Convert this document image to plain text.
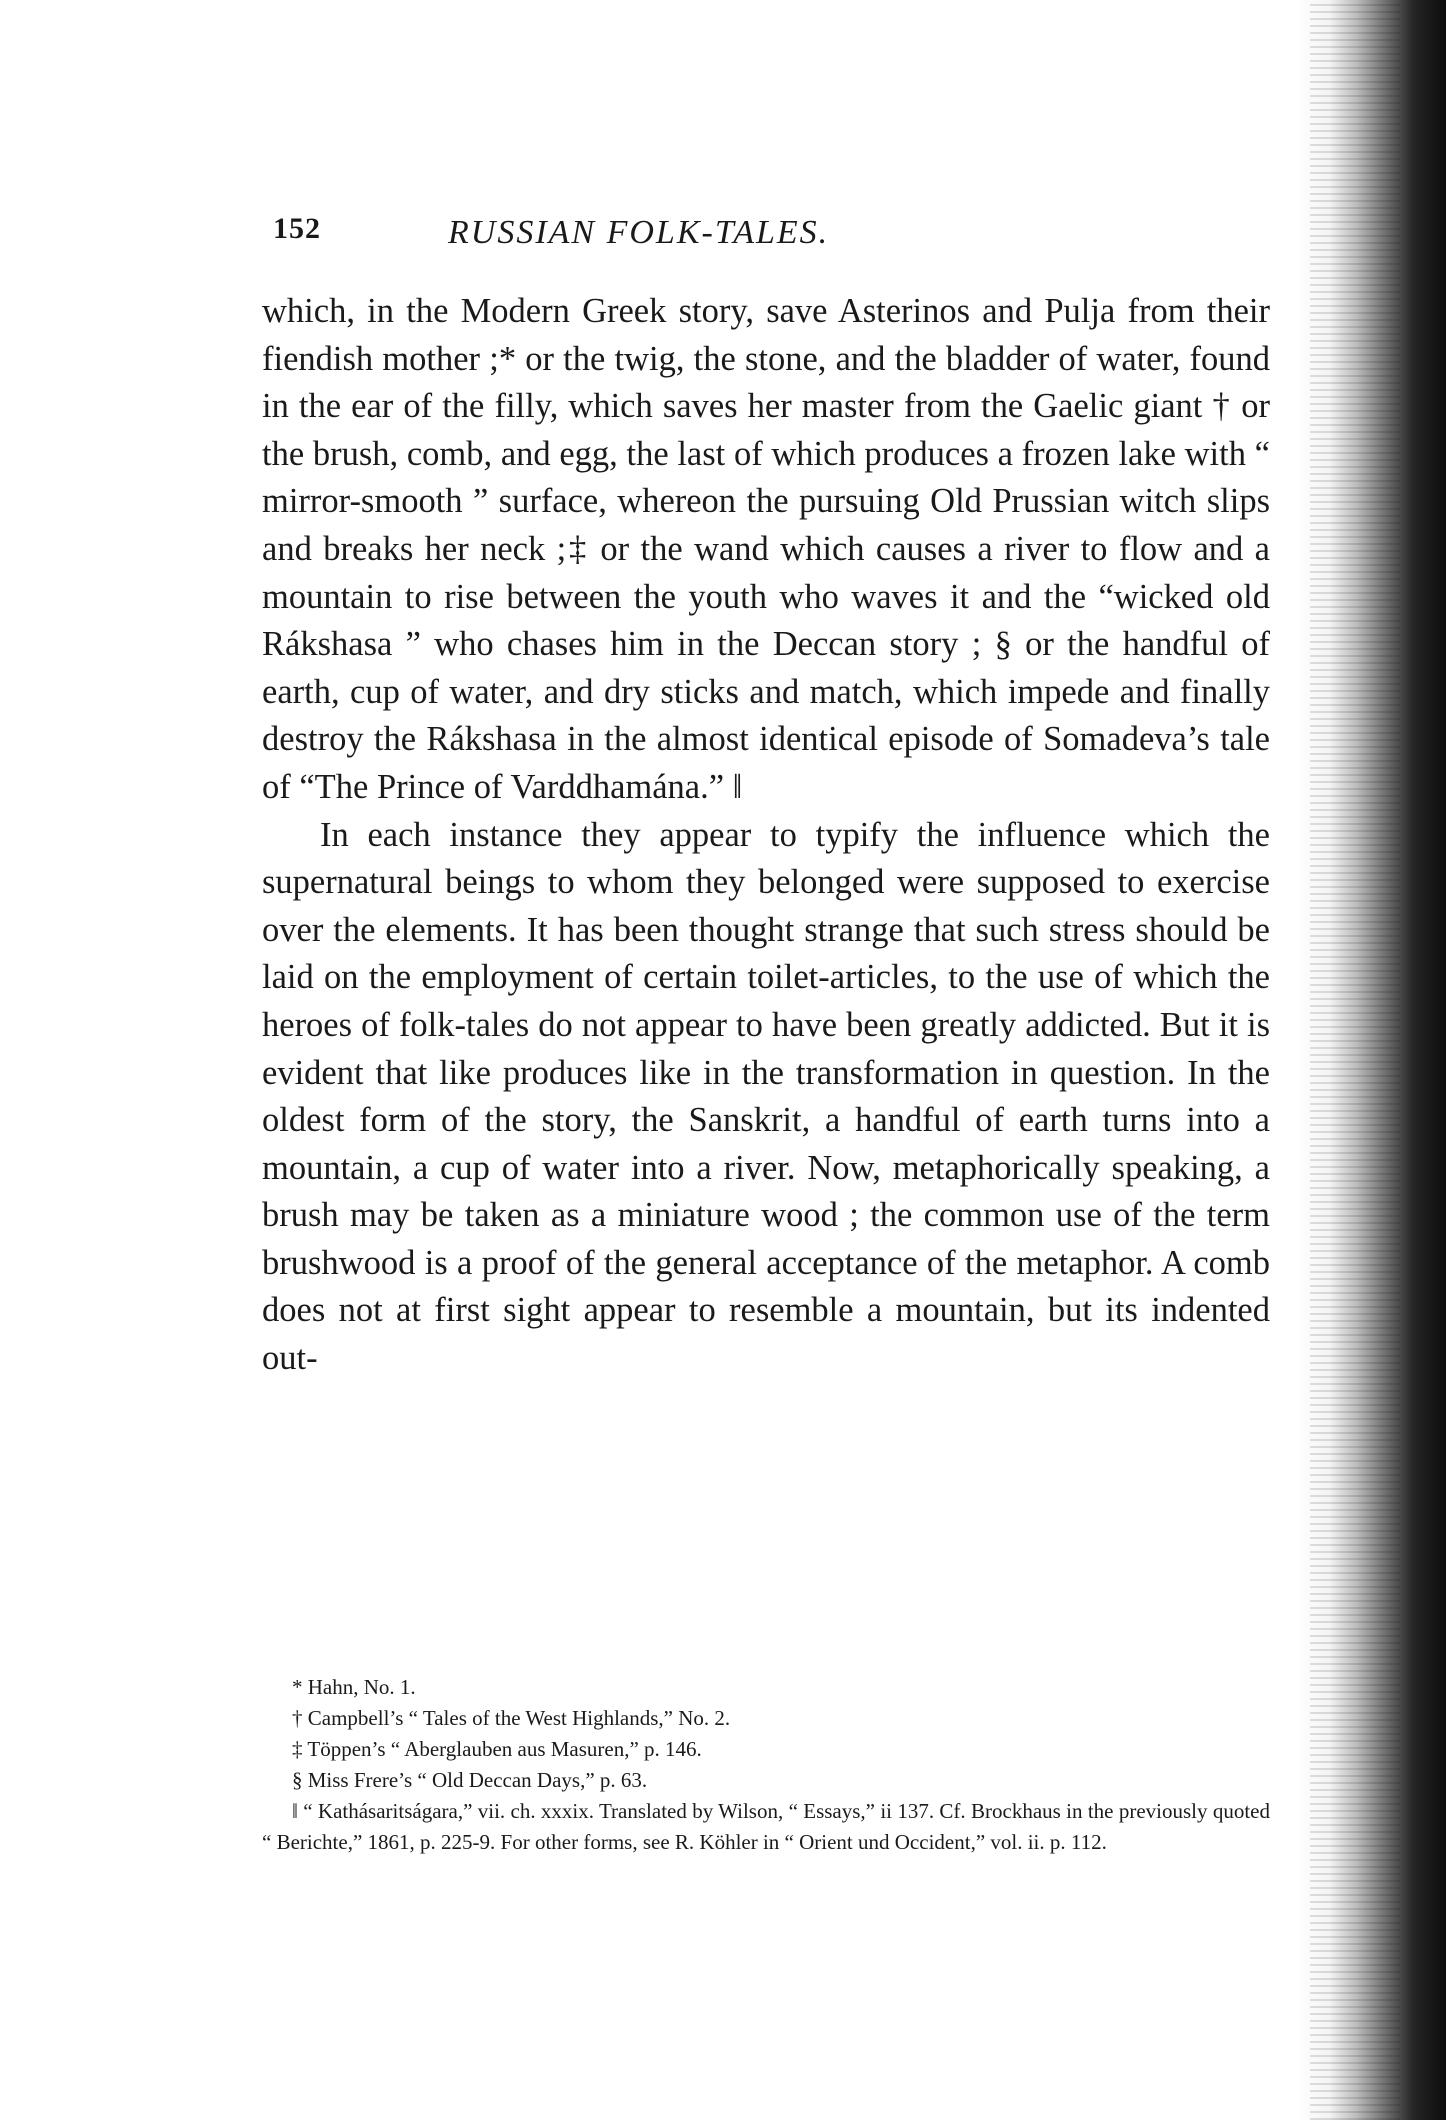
152	RUSSIAN FOLK-TALES.

which, in the Modern Greek story, save Asterinos and Pulja from their fiendish mother ;* or the twig, the stone, and the bladder of water, found in the ear of the filly, which saves her master from the Gaelic giant † or the brush, comb, and egg, the last of which produces a frozen lake with “ mirror-smooth ” surface, whereon the pursuing Old Prussian witch slips and breaks her neck ;‡ or the wand which causes a river to flow and a mountain to rise between the youth who waves it and the “wicked old Rákshasa ” who chases him in the Deccan story ; § or the handful of earth, cup of water, and dry sticks and match, which impede and finally destroy the Rákshasa in the almost identical episode of Somadeva’s tale of “The Prince of Varddhamána.” ‖

In each instance they appear to typify the influence which the supernatural beings to whom they belonged were supposed to exercise over the elements. It has been thought strange that such stress should be laid on the employment of certain toilet-articles, to the use of which the heroes of folk-tales do not appear to have been greatly addicted. But it is evident that like produces like in the transformation in question. In the oldest form of the story, the Sanskrit, a handful of earth turns into a mountain, a cup of water into a river. Now, metaphorically speaking, a brush may be taken as a miniature wood ; the common use of the term brushwood is a proof of the general acceptance of the metaphor. A comb does not at first sight appear to resemble a mountain, but its indented out-

* Hahn, No. 1.

† Campbell’s “ Tales of the West Highlands,” No. 2.

‡ Töppen’s “ Aberglauben aus Masuren,” p. 146.

§ Miss Frere’s “ Old Deccan Days,” p. 63.

‖ “ Kathásaritságara,” vii. ch. xxxix. Translated by Wilson, “ Essays,” ii 137. Cf. Brockhaus in the previously quoted “ Berichte,” 1861, p. 225-9. For other forms, see R. Köhler in “ Orient und Occident,” vol. ii. p. 112.
